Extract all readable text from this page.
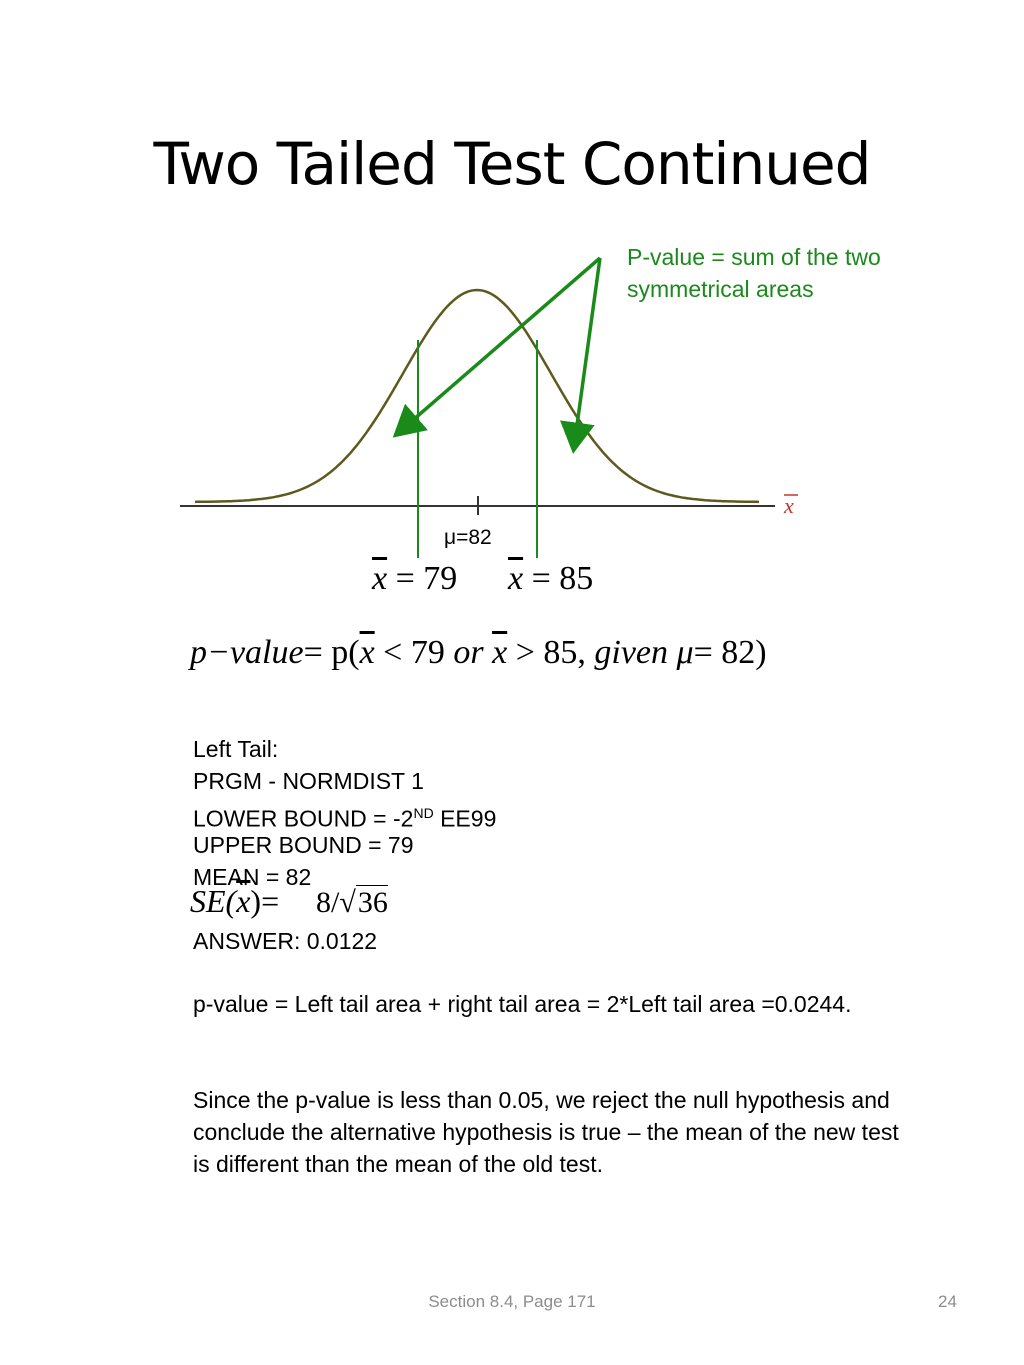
Two Tailed Test Continued
x
P-value = sum of the two symmetrical areas
μ=82
$\overline{x} = 79$ $\overline{x} = 85$
p−value= $p(\overline{x} < 79$ or $\overline{x} > 85$, given μ= 82)
Left Tail:
PRGM - NORMDIST 1
LOWER BOUND = -2ND EE99
UPPER BOUND = 79
MEAN = 82
$SE(\overline{x})= 8/√36$
ANSWER: 0.0122
p-value = Left tail area + right tail area = 2*Left tail area =0.0244.
Since the p-value is less than 0.05, we reject the null hypothesis and conclude the alternative hypothesis is true – the mean of the new test is different than the mean of the old test.
Section 8.4, Page 171	24
